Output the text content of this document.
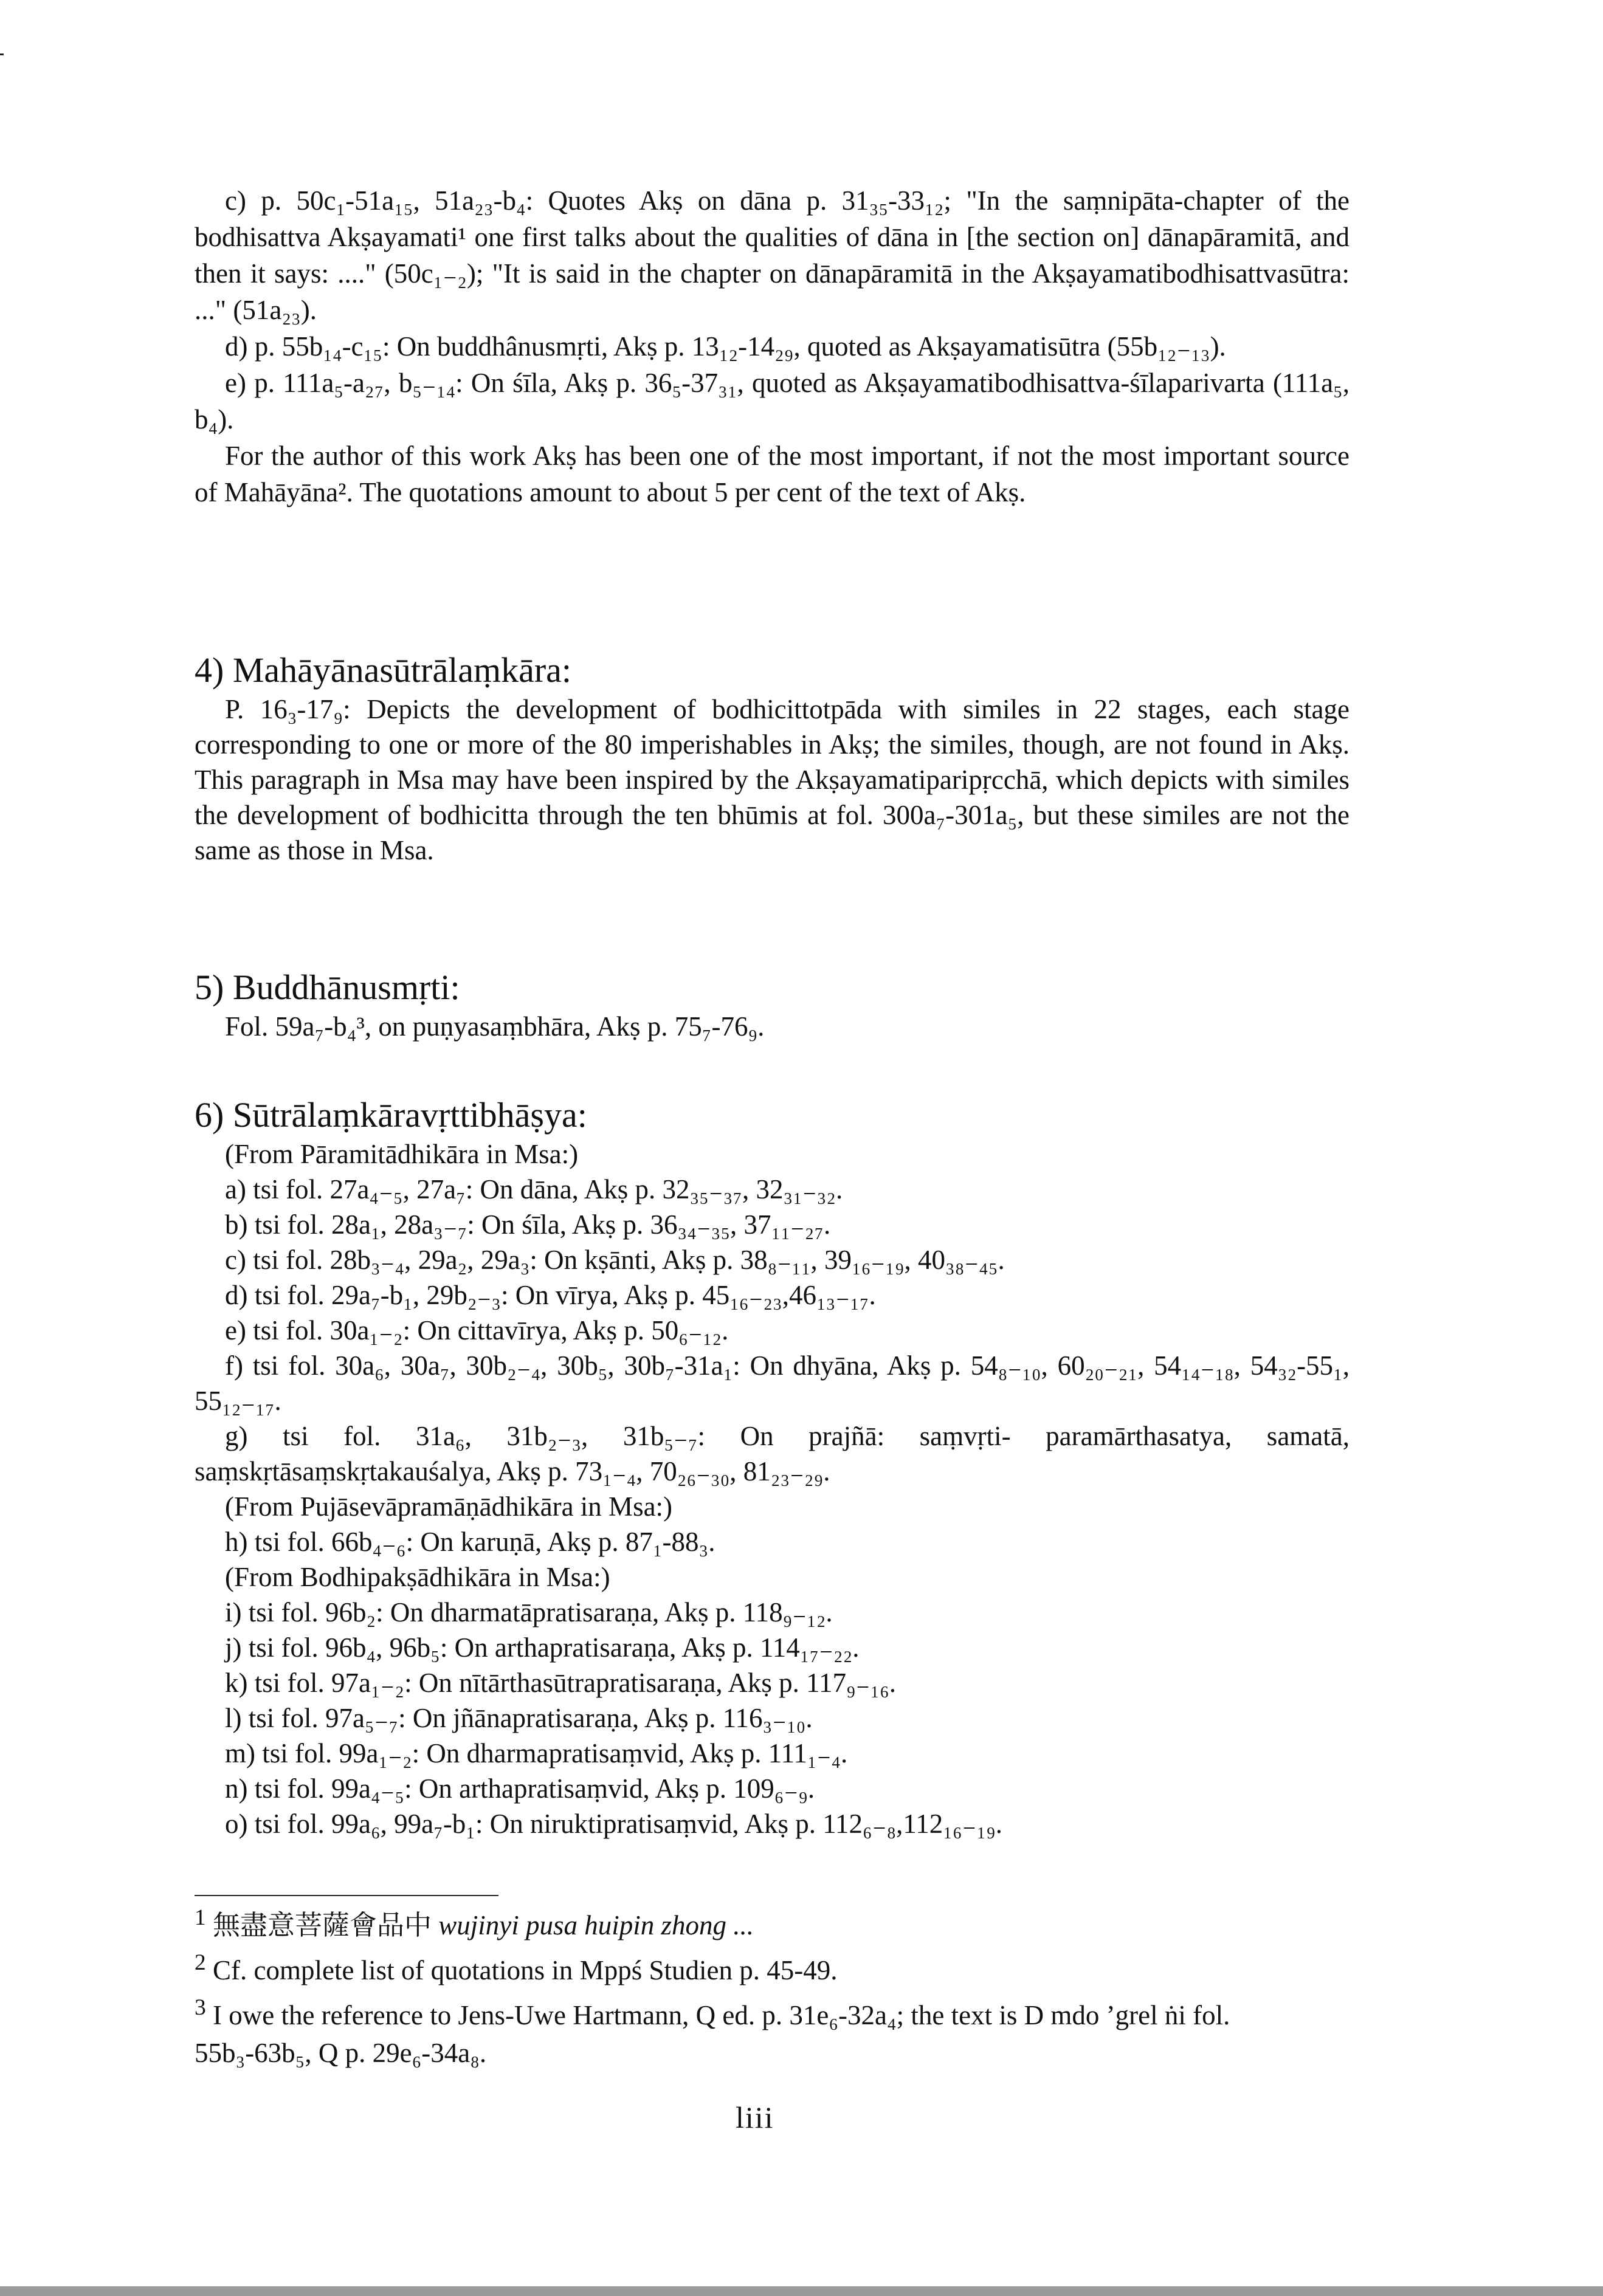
c) p. 50c₁-51a₁₅, 51a₂₃-b₄: Quotes Akṣ on dāna p. 31₃₅-33₁₂; "In the saṃnipāta-chapter of the bodhisattva Akṣayamati¹ one first talks about the qualities of dāna in [the section on] dānapāramitā, and then it says: ...." (50c₁₋₂); "It is said in the chapter on dānapāramitā in the Akṣayamatibodhisattvasūtra: ..." (51a₂₃).

d) p. 55b₁₄-c₁₅: On buddhânusmṛti, Akṣ p. 13₁₂-14₂₉, quoted as Akṣayamatisūtra (55b₁₂₋₁₃).

e) p. 111a₅-a₂₇, b₅₋₁₄: On śīla, Akṣ p. 36₅-37₃₁, quoted as Akṣayamatibodhisattva-śīlaparivarta (111a₅, b₄).

For the author of this work Akṣ has been one of the most important, if not the most important source of Mahāyāna². The quotations amount to about 5 per cent of the text of Akṣ.

4) Mahāyānasūtrālaṃkāra:

P. 16₃-17₉: Depicts the development of bodhicittotpāda with similes in 22 stages, each stage corresponding to one or more of the 80 imperishables in Akṣ; the similes, though, are not found in Akṣ. This paragraph in Msa may have been inspired by the Akṣayamatiparipṛcchā, which depicts with similes the development of bodhicitta through the ten bhūmis at fol. 300a₇-301a₅, but these similes are not the same as those in Msa.

5) Buddhānusmṛti:

Fol. 59a₇-b₄³, on puṇyasaṃbhāra, Akṣ p. 75₇-76₉.

6) Sūtrālaṃkāravṛttibhāṣya:

(From Pāramitādhikāra in Msa:)

a) tsi fol. 27a₄₋₅, 27a₇: On dāna, Akṣ p. 32₃₅₋₃₇, 32₃₁₋₃₂.

b) tsi fol. 28a₁, 28a₃₋₇: On śīla, Akṣ p. 36₃₄₋₃₅, 37₁₁₋₂₇.

c) tsi fol. 28b₃₋₄, 29a₂, 29a₃: On kṣānti, Akṣ p. 38₈₋₁₁, 39₁₆₋₁₉, 40₃₈₋₄₅.

d) tsi fol. 29a₇-b₁, 29b₂₋₃: On vīrya, Akṣ p. 45₁₆₋₂₃,46₁₃₋₁₇.

e) tsi fol. 30a₁₋₂: On cittavīrya, Akṣ p. 50₆₋₁₂.

f) tsi fol. 30a₆, 30a₇, 30b₂₋₄, 30b₅, 30b₇-31a₁: On dhyāna, Akṣ p. 54₈₋₁₀, 60₂₀₋₂₁, 54₁₄₋₁₈, 54₃₂-55₁, 55₁₂₋₁₇.

g) tsi fol. 31a₆, 31b₂₋₃, 31b₅₋₇: On prajñā: saṃvṛti- paramārthasatya, samatā, saṃskṛtāsaṃskṛtakauśalya, Akṣ p. 73₁₋₄, 70₂₆₋₃₀, 81₂₃₋₂₉.

(From Pujāsevāpramāṇādhikāra in Msa:)

h) tsi fol. 66b₄₋₆: On karuṇā, Akṣ p. 87₁-88₃.

(From Bodhipakṣādhikāra in Msa:)

i) tsi fol. 96b₂: On dharmatāpratisaraṇa, Akṣ p. 118₉₋₁₂.

j) tsi fol. 96b₄, 96b₅: On arthapratisaraṇa, Akṣ p. 114₁₇₋₂₂.

k) tsi fol. 97a₁₋₂: On nītārthasūtrapratisaraṇa, Akṣ p. 117₉₋₁₆.

l) tsi fol. 97a₅₋₇: On jñānapratisaraṇa, Akṣ p. 116₃₋₁₀.

m) tsi fol. 99a₁₋₂: On dharmapratisaṃvid, Akṣ p. 111₁₋₄.

n) tsi fol. 99a₄₋₅: On arthapratisaṃvid, Akṣ p. 109₆₋₉.

o) tsi fol. 99a₆, 99a₇-b₁: On niruktipratisaṃvid, Akṣ p. 112₆₋₈,112₁₆₋₁₉.

$^1$ 無盡意菩薩會品中 wujinyi pusa huipin zhong ...

$^2$ Cf. complete list of quotations in Mppś Studien p. 45-49.

$^3$ I owe the reference to Jens-Uwe Hartmann, Q ed. p. 31e₆-32a₄; the text is D mdo ’grel ṅi fol. 55b₃-63b₅, Q p. 29e₆-34a₈.

liii
